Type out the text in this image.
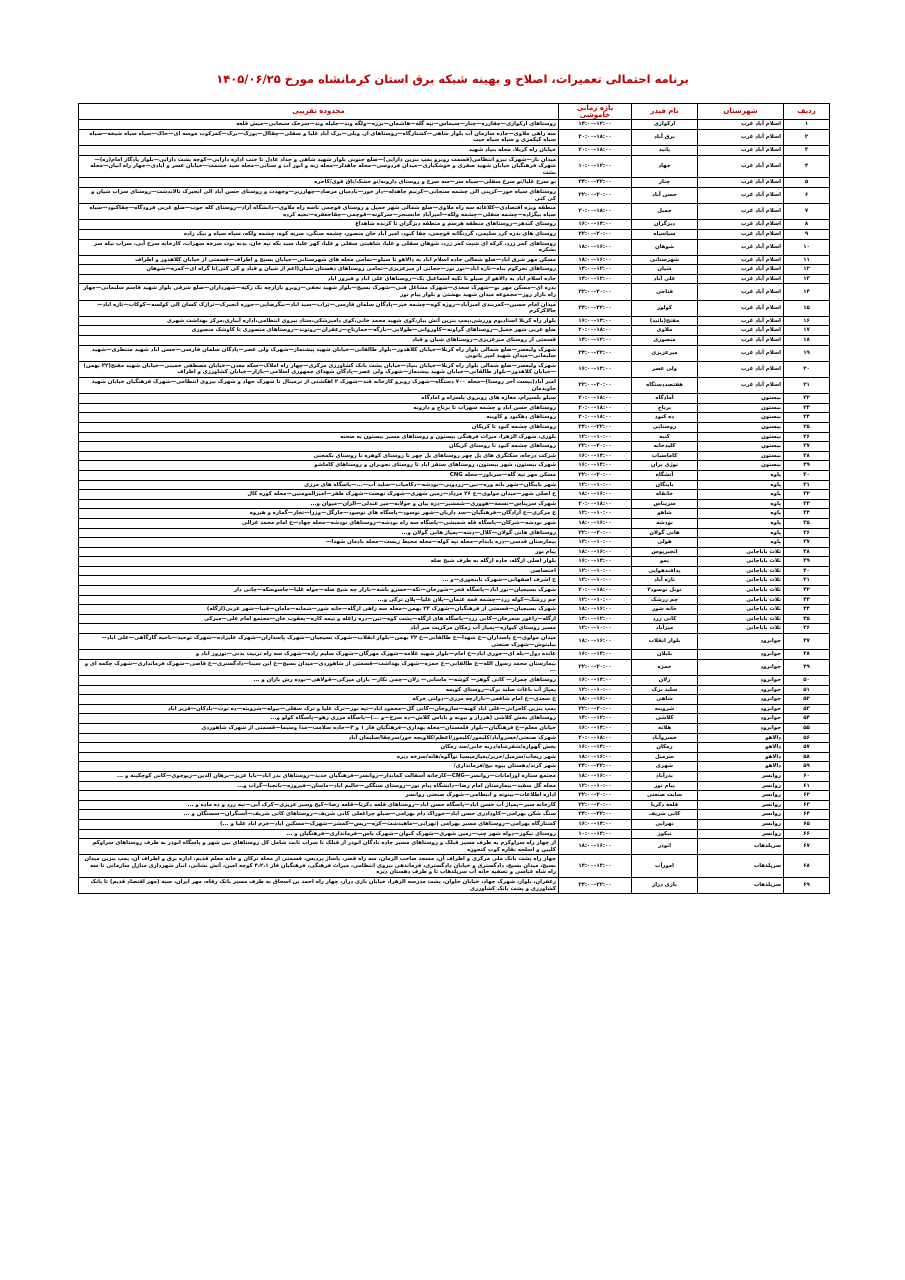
برنامه احتمالی تعمیرات، اصلاح و بهینه شبکه برق استان کرمانشاه مورخ ۱۴۰۵/۰۶/۲۵
ردیف	شهرستان	نام فیدر	بازه زمانی خاموشی	محدوده تقریبی
۱	اسلام آباد غرب	ارکوازی	۱۲:۰۰–۱۴:۰۰	روستاهای ارکوازی—چقارزه—چنار—سیماس—تپه گله—هاشمان—برزه—ولگه وند—جلیله وند—سرخک سنجابی—میش قلعه
۲	اسلام آباد غرب	برق آباد	۱۸:۰۰–۲۰:۰۰	سه راهی ملاوی—جاده سازمان آب بلوار شاهی—کشتارگاه—روستاهای ازـ وبلی—برک آباد علیا و سفلی—چقاال—بوزک—برک—کمرکوب موسه ای—خاک—سیاه سیاه شیخه—سیاه سیاه کیکمری و سیاه سیاه جیب
۳	اسلام آباد غرب	پاتید	۱۸:۰۰–۲۰:۰۰	خیابان راه کربلا، محله بنیاد شهید
۴	اسلام آباد غرب	جهاد	۱۲:۰۰–۱۰:۰۰	میدان باز—شهرک نیرو انتظامی(قسمت روبرو پمپ بنزین دارایی)—ضلع جنوبی بلوار شهید شاهی و حداد عادل تا جنب اداره دارایی—کوچه پشت دارایی—بلوار یادگار امام(ره)—شهرک فرهنگیان خیابان شهید صفری و خوشکباری—میدان فردوسی—محله جاهدلر—محله زبه و انور آب و سنانی—محله سید حشمت—خیابان عسر و آبادی—جهار راه ابیان—محله بشت
۵	اسلام آباد غرب	چنار	۲۲:۰۰–۲۴:۰۰	تو سرخ علیا/تو سرخ سفلی—سیاه سر—سه سرخ و روستای دارونه/تو خشک/تاق قوی/کاحره
۶	اسلام آباد غرب	حسن آباد	۲۰:۰۰–۲۲:۰۰	روستاهای سیاه خور—کرینی الی چشمه سنجابی—کرنیم جاهدله—دار خور—بادمیان مرصاد—چهارزبر—وجهدت و روستای حسن آباد الی انجیرک تالاندشت—روستای سراب شیان و کی کنی
۷	اسلام آباد غرب	حمیل	۱۸:۰۰–۲۰:۰۰	منطقه ویژه اقتصادی—کلاغانه سه راه ملاوی—ضلع شمالی شهر حمیل و روستای قوچمی تاسه راه ملاوی—دانشگاه آزاد—روستای کله جوب—ضلع غربی فرودگاه—چقاکبود—سیاه سیاه بیگزاده—چشمه سفلی—چشمه ولکه—امیرآباد خانسنجر—سرکونه—قوچمی—چقاجعفره—تحیه کرده
۸	اسلام آباد غرب	دیزگران	۱۴:۰۰–۱۶:۰۰	روستای کندهر—روستاهای منطقه هرسم و منطقه دیزگران تا کرنده شاهداغ
۹	اسلام آباد غرب	سیاسیاه	۲۰:۰۰–۲۲:۰۰	روستای های بدره کرد سلیمی، گردنگانه قوچمی، چقا کبود، امیر آباد خان منصور، چشمه سنگی، سربه کوه، چشمه ولکه، سیاه سیاه و بیک زاده
۱۰	اسلام آباد غرب	شوهان	۱۶:۰۰–۱۸:۰۰	روستاهای کمر زرد، کرکه ای شیت کمر زرد، شوهان سفلی و علیا، شاهینی سفلی و علیا، کهر علیا، سید بکه تپه خان، بدنه نوت سرخه سهراب، کارخانه سرخ آبی، سراب نیله سر بشکره
۱۱	اسلام آباد غرب	شهرستانی	۱۶:۰۰–۱۸:۰۰	مسکن مهر شرق اباد—ضلع شمالی جاده اسلام اباد به دالاهو تا سیلو—تمامی محله های شهرستانی—خیابان بسیج و اطراف—قسمتی از خیابان کلاهدوز و اطراف
۱۲	اسلام آباد غرب	شیان	۱۲:۰۰–۱۴:۰۰	روستاهای نخرکوم بناه—تازه اباد—نور نور—ججانی از میرعزیزی—تمامی روستاهای دهستان شیان(اعم از شیان و قباد و کی کنی)تا گراه ای—کمره—شوهان
۱۳	اسلام آباد غرب	علی آباد	۱۲:۰۰–۱۴:۰۰	جاده اسلام اباد به دالاهو از سیلو تا تکیه اسماعیل بک—روستاهای علی اباد و فیروز اباد
۱۴	اسلام آباد غرب	فتاحی	۲۰:۰۰–۲۲:۰۰	بدره ای—مسکن مهر نو—شهرک سعدی—شهرک مشاغل فنی—شهرک بسیج—بلوار شهید نجفی—روبرو بازارچه یک زکیه—شهرداران—ضلع شرقی بلوار شهید قاسم سلیمانی—چهار راه بازار روز—مجموعه میدان شهید بهشتی و بلوار پیام نور
۱۵	اسلام آباد غرب	کولور	۲۲:۰۰–۲۴:۰۰	میدان امام حسین—کمربندی امیرآباد—روزه کوه—چشمه خیر—پادگان سلمان فارسی—تزاب—سید اباد—بیگرضایی—جوزه انجیرک—ترازک کسان الی کولسه—کوکاب—تازه اباد—جالاکرکرم
۱۶	اسلام آباد غرب	مفتح(پاتید)	۱۴:۰۰–۱۶:۰۰	بلوار راه کربلا استادیوم ورزشی،پمپ بنزین آتش بیار،کوی شهید محمد خانی،کوی دامپزشکی،ستاد نیروی انتظامی،اداره آبیاری،مرکز بهداشت شهری
۱۷	اسلام آباد غرب	ملاوی	۱۸:۰۰–۲۰:۰۰	ضلع غربی شهر حمیل—روستاهای گراونه—کاوروانی—طولابی—بازگه—خمارتاج—زعفران—روتوند—روستاهای منصوری تا کاوشک منصوری
۱۸	اسلام آباد غرب	منصوری	۱۲:۰۰–۱۴:۰۰	قسمتی از روستای میرعزیزی—روستاهای شیان و قباد
۱۹	اسلام آباد غرب	میرعزیزی	۲۲:۰۰–۲۴:۰۰	شهرک ولیعصر—ضلع شمالی بلوار راه کربلا—خیابان کلاهدوز—بلوار طالقانی—خیابان شهید پیشنماز—شهرک ولی عصر—پادگان سلمان فارسی—حسن اباد شهید منتظری—شهید سلیمانی—میدان شهید امیر پانوبی
۲۰	اسلام آباد غرب	ولی عصر	۱۴:۰۰–۱۶:۰۰	شهرک ولیعصر—ضلع شمالی بلوار راه کربلا—خیابان بنیاد—خیابان پشت بانک کشاورزی مرکزی—چهار راه املاک—سکه معدن—خیابان مصطفی خمینی—خیابان شهید مفتح(۲۲ بهمن)—خیابان کلاهدوز—بلوار طالقانی—خیابان شهید پیشنماز—شهرک ولی عصر—پادگان شهدای جمهوری اسلامی—بازار—خیابان کشاورزی و اطراف
۲۱	اسلام آباد غرب	هفتصددستگاه	۲۰:۰۰–۲۲:۰۰	امیر آباد(بیست آخر روستا)—محله ۷۰۰ دستگاه—شهرک روبرو کارخانه قند—شهرک ۲ اهکشتی از ترمینال تا شهرک جهاد و شهرک نیروی انتظامی—شهرک فرهنگیان خیابان شهید جاویدمان
۲۲	بیستون	آمادگاه	۱۸:۰۰–۲۰:۰۰	سیلو بلسپرام، مغازه های روبروی پلسراه و امادگاه
۲۳	بیستون	برناج	۱۸:۰۰–۲۰:۰۰	روستاهای حسن اباد و چشمه سهراب تا برناج و دارونه
۲۴	بیستون	ده کبود	۱۸:۰۰–۲۰:۰۰	روستاهای دهکبود و کاوینه
۲۵	بیستون	روستایی	۲۲:۰۰–۲۴:۰۰	روستاهای چشمه کبود تا کریکان
۲۶	بیستون	کنبه	۱۰:۰۰–۱۲:۰۰	بلوری، شهرک الزهرا، میرات فرهنگی بیستون و روستاهای مسیر بیستون به صحنه
۲۷	بیستون	کلیدخانه	۲۰:۰۰–۲۲:۰۰	روستاهای چشمه کبود تا روستای کریکان
۲۸	بیستون	کاماسیاب	۱۴:۰۰–۱۶:۰۰	شرکت درجاه، سکنگری های پل چهر روستاهای پل چهر تا روستای کوهره تا روستای بکمحنی
۲۹	بیستون	نوژی بران	۱۴:۰۰–۱۶:۰۰	شهرک بیستون، شهر بیستون، روستاهای ستقر اباد تا روستای نجوبران و روستاهای کاماشو
۳۰	پاوه	آتشگاه	۲۰:۰۰–۲۲:۰۰	مسکن مهر تپه گله—سرباور—محله CNG
۳۱	پاوه	باینگان	۱۰:۰۰–۱۲:۰۰	شهر باینگان—شهر بانه وره—نین—زردویی—نودشه—دکامیاب—سلید آب—...—پاسگاه های مرزی
۳۲	پاوه	خانقاه	۱۶:۰۰–۱۸:۰۰	خ اصلی شهر—میدان مولوی—خ ۲۶ مرداد—زمین شهری—شهرک نهضت—شهرک طفر—امیرالمومنین—محله کوره کال
۳۳	پاوه	سرپناس	۱۸:۰۰–۲۰:۰۰	شهرک سرپناس—نسمه—هووری—شمشیر—دره بیان و جولانه—میر عبدلی—الزان—میوان و...
۳۴	پاوه	شاهو	۱۰:۰۰–۱۲:۰۰	خ مرکزی—خ آزادگان—فرهنگیان—سد داریان—شهر نوسود—پاسگاه های نوسود—جارگل—وزرا—تخار—گماره و هیروه
۳۵	پاوه	نودشه	۱۶:۰۰–۱۸:۰۰	شهر نودشه—شرکان—پاسگاه قله شمیشی—پاسگاه سه راه نودشه—روستاهای نودشه—محله جهاد—خ امام محمد غزالی
۳۶	پاوه	هانی گولان	۲۰:۰۰–۲۲:۰۰	روستاهای هانی گولان—کلال—دشه—پمپاژ هانی گولان و...
۳۷	پاوه	هولی	۱۰:۰۰–۱۲:۰۰	بیمارستان قدسی—دره بابدام—محله تپه کوله—محله محیط زیست—محله بادمان شهدا—
۳۸	ثلاث باباجانی	انجیرپوس	۱۶:۰۰–۱۸:۰۰	پیام نور
۳۹	ثلاث باباجانی	بمو	۱۴:۰۰–۱۶:۰۰	بلوار اصلی ازگله، جاده ازگله به طرف شیخ صله
۴۰	ثلاث باباجانی	پدافندهوایی	۱۰:۰۰–۱۲:۰۰	اختصاصی
۴۱	ثلاث باباجانی	تازه آباد	۱۰:۰۰–۱۲:۰۰	خ اشرف اصفهانی—شهرک نابیجوری—و ...
۴۲	ثلاث باباجانی	تونل نوسود۲	۱۸:۰۰–۲۰:۰۰	شهرک بسیجیان—نور اباد—پاسگاه فجر—شورخان—تکه—خسرو باشه—بازار چه شیخ صله—جوله علیا—جاسوسکه—چانی دار
۴۳	ثلاث باباجانی	چم زرشک	۱۰:۰۰–۱۲:۰۰	چم زرشک—کوله زرد—چشمه قمه عثمان—پلان علیا—پلان ترکی و...
۴۴	ثلاث باباجانی	خانه شور	۱۶:۰۰–۱۸:۰۰	شهرک بسیجیان—قسمتی از فرهنگیان—شهرک ۲۲ بهمن—محله سه راهی ازگله—خانه شور—شمانه—مامان—قبیا—شهر غربی(ازگله)
۴۵	ثلاث باباجانی	کانی زرد	۱۲:۰۰–۱۴:۰۰	ازگله—زاغوز سمرخان—کانی زرد—پاسگاه های ازگله—پشت کوه—تین—دره زاغله و تیمه کاره—یعقوب خان—مجتمع امام علی—میرکی
۴۶	ثلاث باباجانی	میرآباد	۱۰:۰۰–۱۲:۰۰	مسیر روستای کیواره—پمپاژ آب زمکان مرکزیت میر آباد
۴۷	جوانرود	بلوار انقلاب	۱۶:۰۰–۱۸:۰۰	میدان مولوی—خ پاسداران—خ شهدا—خ طالقانی—خ ۲۲ بهمن—بلوار انقلاب—شهرک بسیجیان—شهرک پاسداران—شهرک علیزاده—شهرک توحید—ناحیه گارگاهی—علی اباد—بیلیتوش—شهرک صنعتی
۴۸	جوانرود	بلبلان	۱۴:۰۰–۱۶:۰۰	عابده دول—بله ای—خوری اباد—خ امام—بلوار شهید علامه—شهرک مهرگان—شهرک سلیم زاده—شهرک سه راه تربیت بدنی—نوروز اباد و
۴۹	جوانرود	حمزه	۲۰:۰۰–۲۲:۰۰	بیمارستان محمد رسول الله—خ طالقانی—خ حمزه—شهرک بهداشت—قسمتی از شاهوردی—میدان بسیج—خ ابن سینا—دادگستری—خ قاضی—شهرک فرمانداری—شهرک چکمه ای و ...
۵۰	جوانرود	زلان	۱۴:۰۰–۱۶:۰۰	روستاهای چمزار— کانی گوهر— کوشه— ماسانی— زلان—چمی نکار— باران میرکی—قولاهی—نوده رش باران و ...
۵۱	جوانرود	سلید برک	۱۰:۰۰–۱۲:۰۰	پمپاژ آب باغات سلید برک—روستای کویمه
۵۲	جوانرود	شاهی	۱۶:۰۰–۱۸:۰۰	خ سعدی—خ امام شافعی—بازارچه مرزی—دولتی خرکه
۵۳	جوانرود	شروینه	۲۰:۰۰–۲۲:۰۰	پمپ بنزین کامرانی—علی اباد کهنه—ساروخان—کانی گل—محمود اباد—تپه نور—ترک علیا و ترک سفلی—بیوله—شروینه—ده نوت—بادکان—فزیز اباد
۵۴	جوانرود	کلاشی	۱۲:۰۰–۱۴:۰۰	روستاهای بخش کلاشی (هرزاز و بیونه و باباس کلاش—ده سرخ—و ...)—پاسگاه مرزی رهو—پاسگاه کولو و...
۵۵	جوانرود	هلانه	۱۴:۰۰–۱۶:۰۰	خیابان معلم—خ فرهنگیان—بلوار قلمستان—محله بهداری—فرهنگیان فاز ۱ و ۲—جاده سلامت—مدا وسیما—قسمتی از شهرک شاهوردی
۵۶	دالاهو	خسروآباد	۱۸:۰۰–۲۰:۰۰	شهرک صنعتی/خسروآباد/کلیمور/کلیمور/اعظم/کلاویجه خور/سرچقا/سلیمان آباد
۵۷	دالاهو	زمکان	۱۴:۰۰–۱۶:۰۰	بخش گهواره/شفرشاه/دربه خانی/سد زمکان
۵۸	دالاهو	سرمیل	۱۶:۰۰–۱۸:۰۰	شهر ریجاب/سرمیل/حریر/پمپاژمیسیا نوآگوه/هانه/سرخه دیزه
۵۹	دالاهو	شهری	۲۲:۰۰–۲۴:۰۰	شهر کرند/دهستان بیوه نیج/فرمانداری/
۶۰	روانسر	بدرآباد	۱۶:۰۰–۱۸:۰۰	مجتمع ستاره اورامانات—روانسر—CNG—کارخانه آسفالت کماندار—روانسر—فرهنگیان جدید—روستاهای بدر اباد—بابا عزیز—برهان الدین—زیوجوی—کانی کوچکینه و ...
۶۱	روانسر	پیام نور	۱۰:۰۰–۱۲:۰۰	محله گل سفید—بیمارستان امام رضا—دانشگاه پیام نور—روستای سنگکن—خالیم اباد—ماسان—فیروزه—بانجبا—گراب و...
۶۲	روانسر	سایت صنعتی	۲۰:۰۰–۲۲:۰۰	اداره اطلاعات—بیتوته و انتظامی—شهرک صنعتی روانسر
۶۳	روانسر	قلعه دکریا	۲۰:۰۰–۲۲:۰۰	کارخانه سیر—پمپاژ آب حسن اباد—پاسگاه حسن اباد—روستاهای قلعه دکریا—قلعه رضا—کیخ وسیر عزیزی—کرک آبی—تپه زرد و ده ماده و ...
۶۴	روانسر	کانی شریف	۲۲:۰۰–۲۴:۰۰	سنگ شکن بهرامی—کاودادری حسن اباد—خوراک دام بهرامی—سیلو چراغعلی کانی شریف—روستاهای کانی شریف—آسنگران—سسنگان و ...
۶۵	روانسر	نهرابی	۱۴:۰۰–۱۶:۰۰	کشتارگاه بهرامی—روستاهای مسیر بهرامی (نهرابی—ماهیدشت—کره—ریس—کمشر—شهرک—مسکین اباد—خرم اباد علیا و ...)
۶۶	روانسر	نیکوز	۱۲:۰۰–۱۰:۰۰	روستای نیکوز—دوله شهر چپ—زمین شهری—شهرک کیوان—شهرک یاس—فرمانداری—فرهنگیان و ...
۶۷	سرپلذهاب	انوذر	۱۶:۰۰–۱۸:۰۰	از چهار راه سراوکرم به طرف مسیر قبلک و روستاهای مسیر جاده بادگان انوذر از قبلک تا سراب ثابت شامل کل روستاهای بین شهر و پاسگاه انوذر به طرف روستاهای سراوکم کلیین و اسلحه نقاره کوب کنجوره
۶۸	سرپلذهاب	امورآب	۱۲:۰۰–۱۴:۰۰	چهار راه پشت بانک ملی مرکزی و اطراف آن، مسجد صاحب الزمان، سه راه قصر، پاساژ پردیس، قسمتی از محله ترکان و خانه معلم قدیم، اداره برق و اطراف آن، پمپ بنزین میدان بسیج، میدان بسیج، دادگستری و خیابان دادگستری، فرماندهی نیروی انتظامی، میراث فرهنگی، فرهنگیان فاز ۴،۲،۱ کوچه امین، آتش نشانی، انبار شهرداری منازل سازمانی تا سه راه شاه عباسی و تصفیه خانه آب سرپلذهاب تا و طرف دهستان دیره
۶۹	سرپلذهاب	بازی دراز	۲۲:۰۰–۲۴:۰۰	زعفران، بلوار، شهرک جهاد، خیابان حلوان، پشت مدرسه الزهرا، خیابان بازی دراز، چهار راه احمد بن اسحاق به طرف مسیر بانک رفاه، مهر ایران، سیه (مهر اقتصاد قدیم) تا بانک کشاورزی و پشت بانک کشاورزی
